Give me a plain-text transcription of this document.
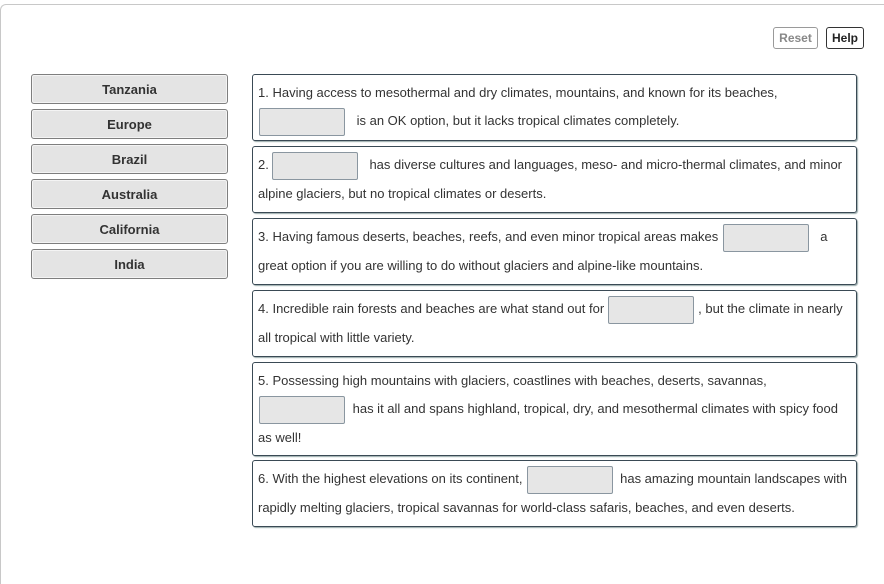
Reset	Help
Tanzania
Europe
Brazil
Australia
California
India
1. Having access to mesothermal and dry climates, mountains, and known for its beaches,
is an OK option, but it lacks tropical climates completely.
2.	has diverse cultures and languages, meso- and micro-thermal climates, and minor alpine glaciers, but no tropical climates or deserts.
3. Having famous deserts, beaches, reefs, and even minor tropical areas makes	a
great option if you are willing to do without glaciers and alpine-like mountains.
4. Incredible rain forests and beaches are what stand out for	, but the climate in nearly all tropical with little variety.
5. Possessing high mountains with glaciers, coastlines with beaches, deserts, savannas,
has it all and spans highland, tropical, dry, and mesothermal climates with spicy food as well!
6. With the highest elevations on its continent,	has amazing mountain landscapes with rapidly melting glaciers, tropical savannas for world-class safaris, beaches, and even deserts.
